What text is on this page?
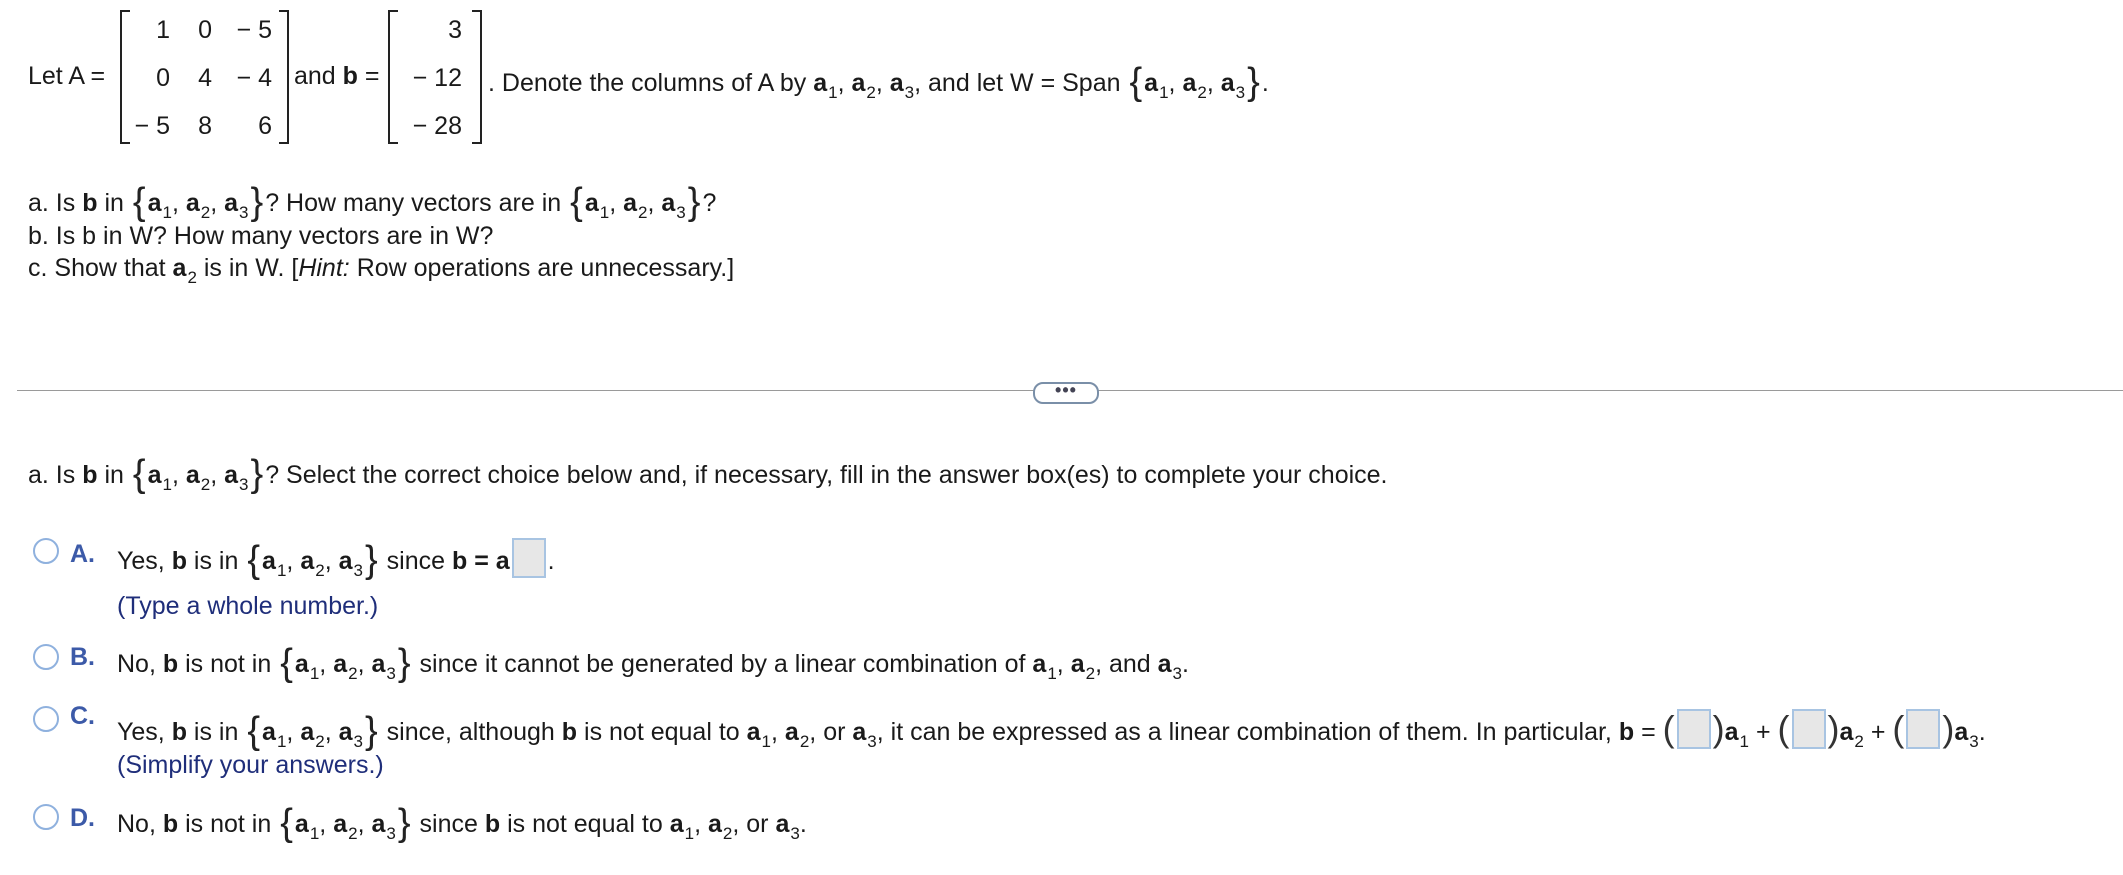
Let A =
1 0 − 5
0 4 − 4
− 5 8	6
and b =
3
− 12
− 28
. Denote the columns of A by $a_1$, $a_2$, $a_3$, and let W = Span {$a_1$, $a_2$, $a_3$}.
a. Is b in {$a_1$, $a_2$, $a_3$}? How many vectors are in {$a_1$, $a_2$, $a_3$}?
b. Is b in W? How many vectors are in W?
c. Show that $a_2$ is in W. [Hint: Row operations are unnecessary.]
•••
a. Is b in {$a_1$, $a_2$, $a_3$}? Select the correct choice below and, if necessary, fill in the answer box(es) to complete your choice.
A. Yes, b is in {$a_1$, $a_2$, $a_3$} since b = a .
(Type a whole number.)
B. No, b is not in {$a_1$, $a_2$, $a_3$} since it cannot be generated by a linear combination of $a_1$, $a_2$, and $a_3$.
C.
Yes, b is in {$a_1$, $a_2$, $a_3$} since, although b is not equal to $a_1$, $a_2$, or $a_3$, it can be expressed as a linear combination of them. In particular, b = ( )$a_1$ + ( )$a_2$ + ( )$a_3$.
(Simplify your answers.)
D. No, b is not in {$a_1$, $a_2$, $a_3$} since b is not equal to $a_1$, $a_2$, or $a_3$.
